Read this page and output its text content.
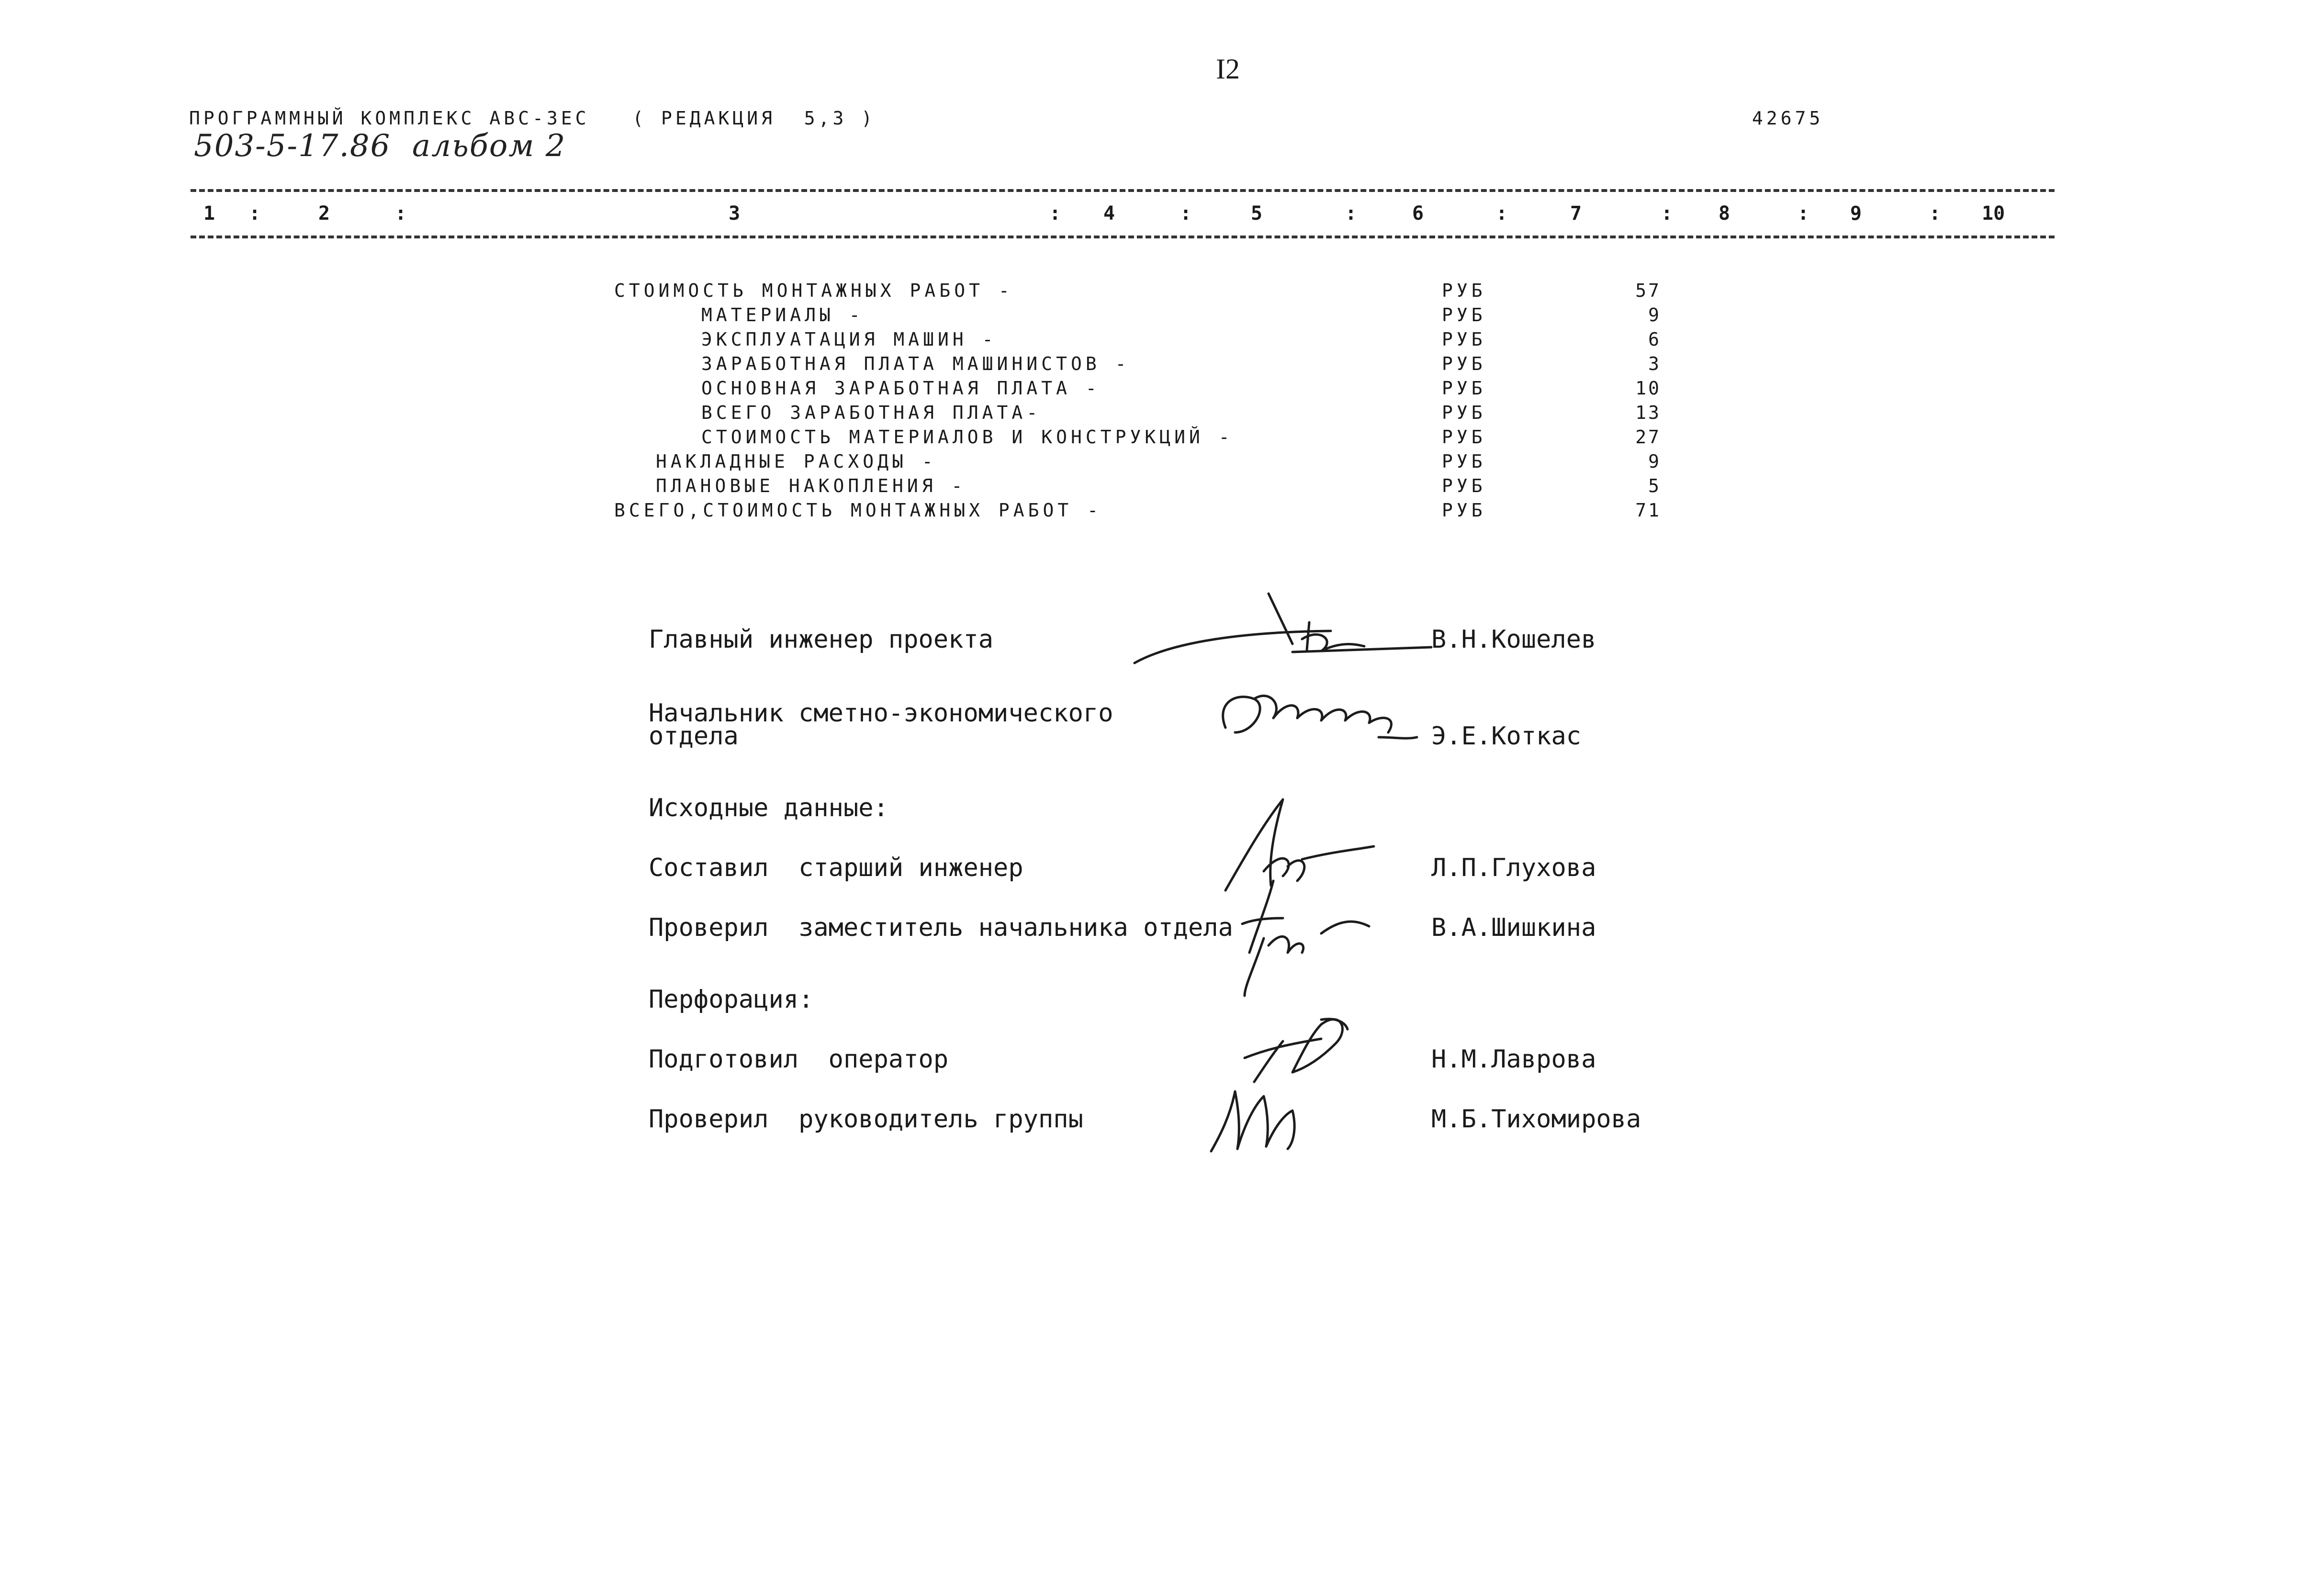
I2
ПРОГРАММНЫЙ КОМПЛЕКС АВС-ЗЕС   ( РЕДАКЦИЯ  5,3 )	42675
503-5-17.86  альбом 2
1 :	2	:	3	: 4	:	5	:	6	:	7	: 8	: 9	: 10
СТОИМОСТЬ МОНТАЖНЫХ РАБОТ -	РУБ	57
МАТЕРИАЛЫ -	РУБ	9
ЭКСПЛУАТАЦИЯ МАШИН -	РУБ	6
ЗАРАБОТНАЯ ПЛАТА МАШИНИСТОВ -	РУБ	3
ОСНОВНАЯ ЗАРАБОТНАЯ ПЛАТА -	РУБ	10
ВСЕГО ЗАРАБОТНАЯ ПЛАТА-	РУБ	13
СТОИМОСТЬ МАТЕРИАЛОВ И КОНСТРУКЦИЙ -	РУБ	27
НАКЛАДНЫЕ РАСХОДЫ -	РУБ	9
ПЛАНОВЫЕ НАКОПЛЕНИЯ -	РУБ	5
ВСЕГО,СТОИМОСТЬ МОНТАЖНЫХ РАБОТ -	РУБ	71
Главный инженер проекта	В.Н.Кошелев
Начальник сметно-экономического
отдела	Э.Е.Коткас
Исходные данные:
Составил  старший инженер	Л.П.Глухова
Проверил  заместитель начальника отдела	В.А.Шишкина
Перфорация:
Подготовил  оператор	Н.М.Лаврова
Проверил  руководитель группы	М.Б.Тихомирова
